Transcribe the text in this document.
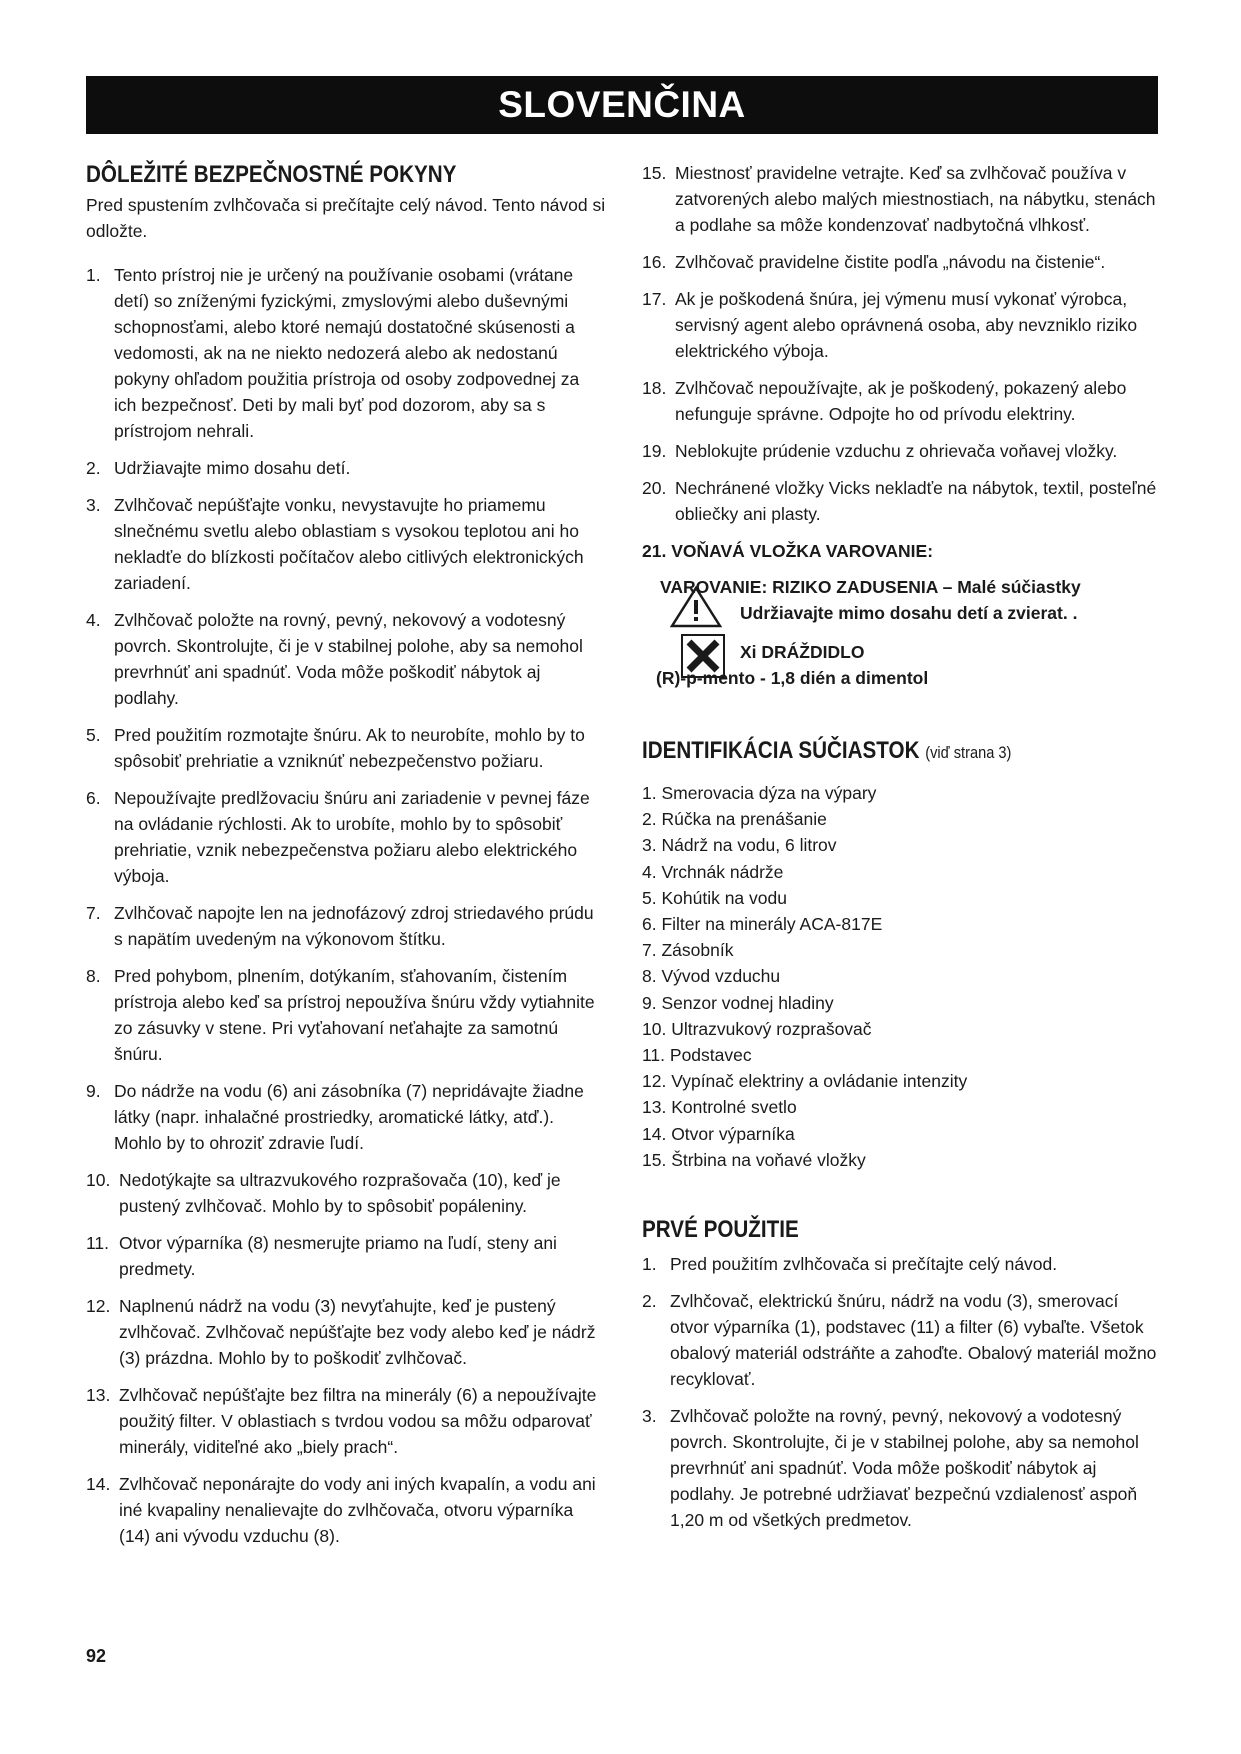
SLOVENČINA
DÔLEŽITÉ BEZPEČNOSTNÉ POKYNY
Pred spustením zvlhčovača si prečítajte celý návod. Tento návod si odložte.
1. Tento prístroj nie je určený na používanie osobami (vrátane detí) so zníženými fyzickými, zmyslovými alebo duševnými schopnosťami, alebo ktoré nemajú dostatočné skúsenosti a vedomosti, ak na ne niekto nedozerá alebo ak nedostanú pokyny ohľadom použitia prístroja od osoby zodpovednej za ich bezpečnosť. Deti by mali byť pod dozorom, aby sa s prístrojom nehrali.
2. Udržiavajte mimo dosahu detí.
3. Zvlhčovač nepúšťajte vonku, nevystavujte ho priamemu slnečnému svetlu alebo oblastiam s vysokou teplotou ani ho nekladťe do blízkosti počítačov alebo citlivých elektronických zariadení.
4. Zvlhčovač položte na rovný, pevný, nekovový a vodotesný povrch. Skontrolujte, či je v stabilnej polohe, aby sa nemohol prevrhnúť ani spadnúť. Voda môže poškodiť nábytok aj podlahy.
5. Pred použitím rozmotajte šnúru. Ak to neurobíte, mohlo by to spôsobiť prehriatie a vzniknúť nebezpečenstvo požiaru.
6. Nepoužívajte predlžovaciu šnúru ani zariadenie v pevnej fáze na ovládanie rýchlosti. Ak to urobíte, mohlo by to spôsobiť prehriatie, vznik nebezpečenstva požiaru alebo elektrického výboja.
7. Zvlhčovač napojte len na jednofázový zdroj striedavého prúdu s napätím uvedeným na výkonovom štítku.
8. Pred pohybom, plnením, dotýkaním, sťahovaním, čistením prístroja alebo keď sa prístroj nepoužíva šnúru vždy vytiahnite zo zásuvky v stene. Pri vyťahovaní neťahajte za samotnú šnúru.
9. Do nádrže na vodu (6) ani zásobníka (7) nepridávajte žiadne látky (napr. inhalačné prostriedky, aromatické látky, atď.). Mohlo by to ohroziť zdravie ľudí.
10. Nedotýkajte sa ultrazvukového rozprašovača (10), keď je pustený zvlhčovač. Mohlo by to spôsobiť popáleniny.
11. Otvor výparníka (8) nesmerujte priamo na ľudí, steny ani predmety.
12. Naplnenú nádrž na vodu (3) nevyťahujte, keď je pustený zvlhčovač. Zvlhčovač nepúšťajte bez vody alebo keď je nádrž (3) prázdna. Mohlo by to poškodiť zvlhčovač.
13. Zvlhčovač nepúšťajte bez filtra na minerály (6) a nepoužívajte použitý filter. V oblastiach s tvrdou vodou sa môžu odparovať minerály, viditeľné ako „biely prach“.
14. Zvlhčovač neponárajte do vody ani iných kvapalín, a vodu ani iné kvapaliny nenalievajte do zvlhčovača, otvoru výparníka (14) ani vývodu vzduchu (8).
15. Miestnosť pravidelne vetrajte. Keď sa zvlhčovač používa v zatvorených alebo malých miestnostiach, na nábytku, stenách a podlahe sa môže kondenzovať nadbytočná vlhkosť.
16. Zvlhčovač pravidelne čistite podľa „návodu na čistenie“.
17. Ak je poškodená šnúra, jej výmenu musí vykonať výrobca, servisný agent alebo oprávnená osoba, aby nevzniklo riziko elektrického výboja.
18. Zvlhčovač nepoužívajte, ak je poškodený, pokazený alebo nefunguje správne. Odpojte ho od prívodu elektriny.
19. Neblokujte prúdenie vzduchu z ohrievača voňavej vložky.
20. Nechránené vložky Vicks nekladťe na nábytok, textil, posteľné obliečky ani plasty.
21. VOŇAVÁ VLOŽKA VAROVANIE:
VAROVANIE: RIZIKO ZADUSENIA – Malé súčiastky
Udržiavajte mimo dosahu detí a zvierat. .
Xi DRÁŽDIDLO
(R)-p-mento - 1,8 dién a dimentol
IDENTIFIKÁCIA SÚČIASTOK (viď strana 3)
1. Smerovacia dýza na výpary
2. Rúčka na prenášanie
3. Nádrž na vodu, 6 litrov
4. Vrchnák nádrže
5. Kohútik na vodu
6. Filter na minerály ACA-817E
7. Zásobník
8. Vývod vzduchu
9. Senzor vodnej hladiny
10. Ultrazvukový rozprašovač
11. Podstavec
12. Vypínač elektriny a ovládanie intenzity
13. Kontrolné svetlo
14. Otvor výparníka
15. Štrbina na voňavé vložky
PRVÉ POUŽITIE
1. Pred použitím zvlhčovača si prečítajte celý návod.
2. Zvlhčovač, elektrickú šnúru, nádrž na vodu (3), smerovací otvor výparníka (1), podstavec (11) a filter (6) vybaľte. Všetok obalový materiál odstráňte a zahoďte. Obalový materiál možno recyklovať.
3. Zvlhčovač položte na rovný, pevný, nekovový a vodotesný povrch. Skontrolujte, či je v stabilnej polohe, aby sa nemohol prevrhnúť ani spadnúť. Voda môže poškodiť nábytok aj podlahy. Je potrebné udržiavať bezpečnú vzdialenosť aspoň 1,20 m od všetkých predmetov.
92
